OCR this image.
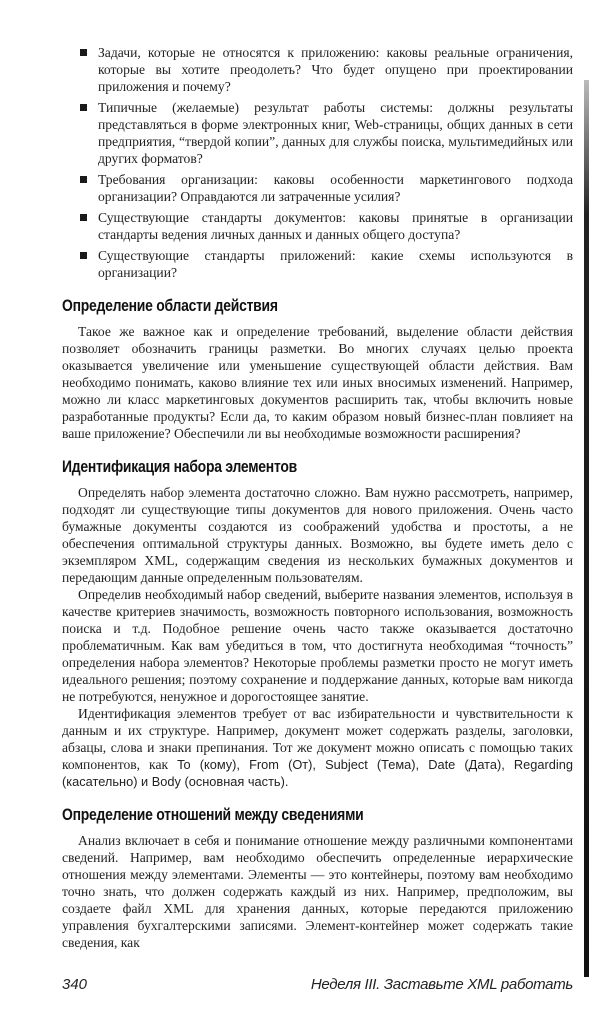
Задачи, которые не относятся к приложению: каковы реальные ограничения, которые вы хотите преодолеть? Что будет опущено при проектировании приложения и почему?
Типичные (желаемые) результат работы системы: должны результаты представляться в форме электронных книг, Web-страницы, общих данных в сети предприятия, “твердой копии”, данных для службы поиска, мультимедийных или других форматов?
Требования организации: каковы особенности маркетингового подхода организации? Оправдаются ли затраченные усилия?
Существующие стандарты документов: каковы принятые в организации стандарты ведения личных данных и данных общего доступа?
Существующие стандарты приложений: какие схемы используются в организации?
Определение области действия

Такое же важное как и определение требований, выделение области действия позволяет обозначить границы разметки. Во многих случаях целью проекта оказывается увеличение или уменьшение существующей области действия. Вам необходимо понимать, каково влияние тех или иных вносимых изменений. Например, можно ли класс маркетинговых документов расширить так, чтобы включить новые разработанные продукты? Если да, то каким образом новый бизнес-план повлияет на ваше приложение? Обеспечили ли вы необходимые возможности расширения?

Идентификация набора элементов

Определять набор элемента достаточно сложно. Вам нужно рассмотреть, например, подходят ли существующие типы документов для нового приложения. Очень часто бумажные документы создаются из соображений удобства и простоты, а не обеспечения оптимальной структуры данных. Возможно, вы будете иметь дело с экземпляром XML, содержащим сведения из нескольких бумажных документов и передающим данные определенным пользователям.

Определив необходимый набор сведений, выберите названия элементов, используя в качестве критериев значимость, возможность повторного использования, возможность поиска и т.д. Подобное решение очень часто также оказывается достаточно проблематичным. Как вам убедиться в том, что достигнута необходимая “точность” определения набора элементов? Некоторые проблемы разметки просто не могут иметь идеального решения; поэтому сохранение и поддержание данных, которые вам никогда не потребуются, ненужное и дорогостоящее занятие.

Идентификация элементов требует от вас избирательности и чувствительности к данным и их структуре. Например, документ может содержать разделы, заголовки, абзацы, слова и знаки препинания. Тот же документ можно описать с помощью таких компонентов, как To (кому), From (От), Subject (Тема), Date (Дата), Regarding (касательно) и Body (основная часть).

Определение отношений между сведениями

Анализ включает в себя и понимание отношение между различными компонентами сведений. Например, вам необходимо обеспечить определенные иерархические отношения между элементами. Элементы — это контейнеры, поэтому вам необходимо точно знать, что должен содержать каждый из них. Например, предположим, вы создаете файл XML для хранения данных, которые передаются приложению управления бухгалтерскими записями. Элемент-контейнер может содержать такие сведения, как

340	Неделя III. Заставьте XML работать
